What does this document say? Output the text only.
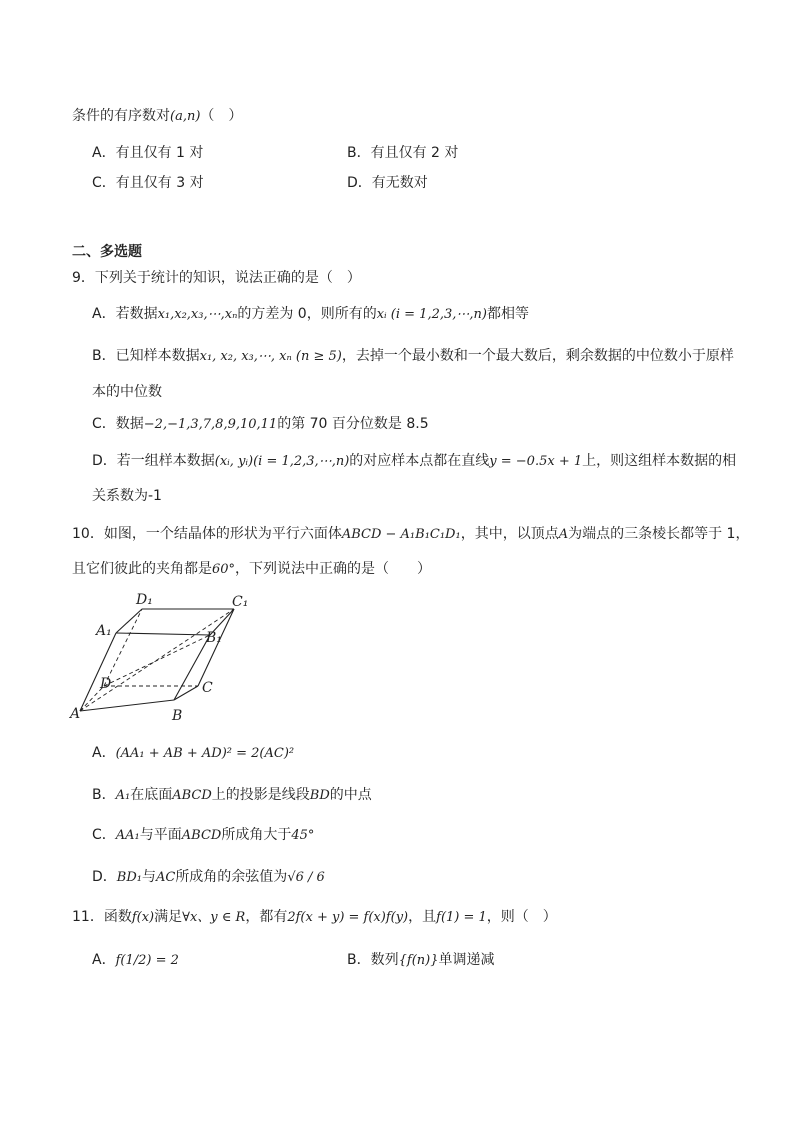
条件的有序数对(a,n)（　）
A．有且仅有 1 对	B．有且仅有 2 对
C．有且仅有 3 对	D．有无数对
二、多选题
9．下列关于统计的知识，说法正确的是（　）
A．若数据x₁,x₂,x₃,⋯,xₙ的方差为 0，则所有的xᵢ (i = 1,2,3,⋯,n)都相等
B．已知样本数据x₁, x₂, x₃,⋯, xₙ (n ≥ 5)，去掉一个最小数和一个最大数后，剩余数据的中位数小于原样
本的中位数
C．数据−2,−1,3,7,8,9,10,11的第 70 百分位数是 8.5
D．若一组样本数据(xᵢ, yᵢ)(i = 1,2,3,⋯,n)的对应样本点都在直线y = −0.5x + 1上，则这组样本数据的相
关系数为-1
10．如图，一个结晶体的形状为平行六面体ABCD − A₁B₁C₁D₁，其中，以顶点A为端点的三条棱长都等于 1，
且它们彼此的夹角都是60°，下列说法中正确的是（　　）
D₁	C₁
A₁	B₁
D	C
A	B
A．(AA₁ + AB + AD)² = 2(AC)²
B．A₁在底面ABCD上的投影是线段BD的中点
C．AA₁与平面ABCD所成角大于45°
D．BD₁与AC所成角的余弦值为√6 / 6
11．函数f(x)满足∀x、y ∈ R，都有2f(x + y) = f(x)f(y)，且f(1) = 1，则（　）
A．f(1/2) = 2	B．数列{f(n)}单调递减
